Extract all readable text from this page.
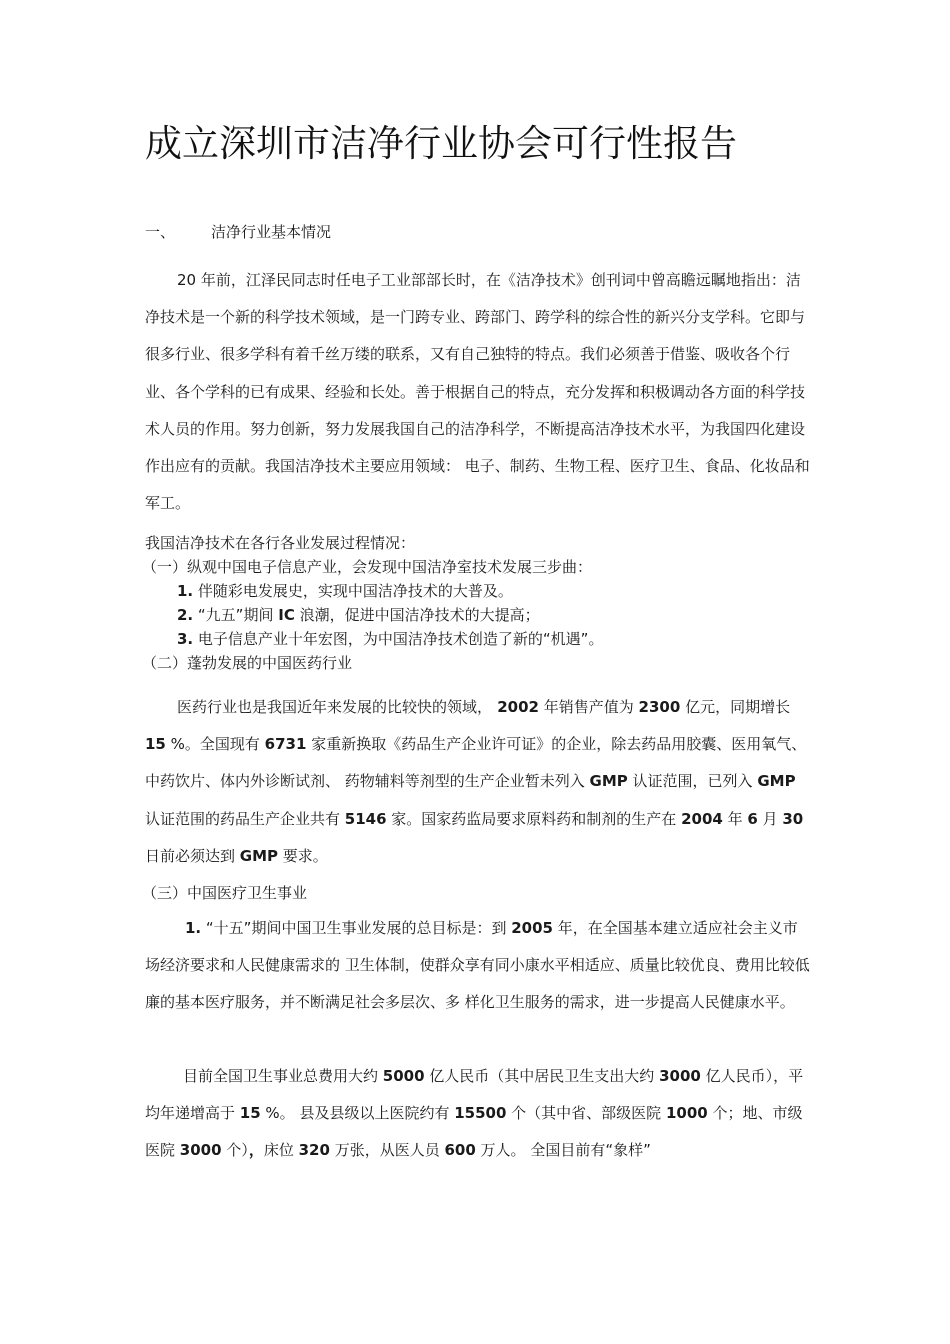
成立深圳市洁净行业协会可行性报告
一、 洁净行业基本情况

20 年前，江泽民同志时任电子工业部部长时，在《洁净技术》创刊词中曾高瞻远瞩地指出：洁净技术是一个新的科学技术领域，是一门跨专业、跨部门、跨学科的综合性的新兴分支学科。它即与很多行业、很多学科有着千丝万缕的联系，又有自己独特的特点。我们必须善于借鉴、吸收各个行业、各个学科的已有成果、经验和长处。善于根据自己的特点，充分发挥和积极调动各方面的科学技术人员的作用。努力创新，努力发展我国自己的洁净科学，不断提高洁净技术水平，为我国四化建设作出应有的贡献。我国洁净技术主要应用领域： 电子、制药、生物工程、医疗卫生、食品、化妆品和军工。

我国洁净技术在各行各业发展过程情况：

（一）纵观中国电子信息产业，会发现中国洁净室技术发展三步曲：

1. 伴随彩电发展史，实现中国洁净技术的大普及。
2. “九五”期间 IC 浪潮，促进中国洁净技术的大提高；
3. 电子信息产业十年宏图，为中国洁净技术创造了新的“机遇”。

（二）蓬勃发展的中国医药行业

医药行业也是我国近年来发展的比较快的领域， 2002 年销售产值为 2300 亿元，同期增长 15 %。全国现有 6731 家重新换取《药品生产企业许可证》的企业，除去药品用胶囊、医用氧气、中药饮片、体内外诊断试剂、 药物辅料等剂型的生产企业暂未列入 GMP 认证范围，已列入 GMP 认证范围的药品生产企业共有 5146 家。国家药监局要求原料药和制剂的生产在 2004 年 6 月 30 日前必须达到 GMP 要求。

（三）中国医疗卫生事业

1. “十五”期间中国卫生事业发展的总目标是：到 2005 年，在全国基本建立适应社会主义市场经济要求和人民健康需求的 卫生体制，使群众享有同小康水平相适应、质量比较优良、费用比较低廉的基本医疗服务，并不断满足社会多层次、多 样化卫生服务的需求，进一步提高人民健康水平。

目前全国卫生事业总费用大约 5000 亿人民币（其中居民卫生支出大约 3000 亿人民币），平均年递增高于 15 %。 县及县级以上医院约有 15500 个（其中省、部级医院 1000 个；地、市级医院 3000 个），床位 320 万张，从医人员 600 万人。 全国目前有“象样”
